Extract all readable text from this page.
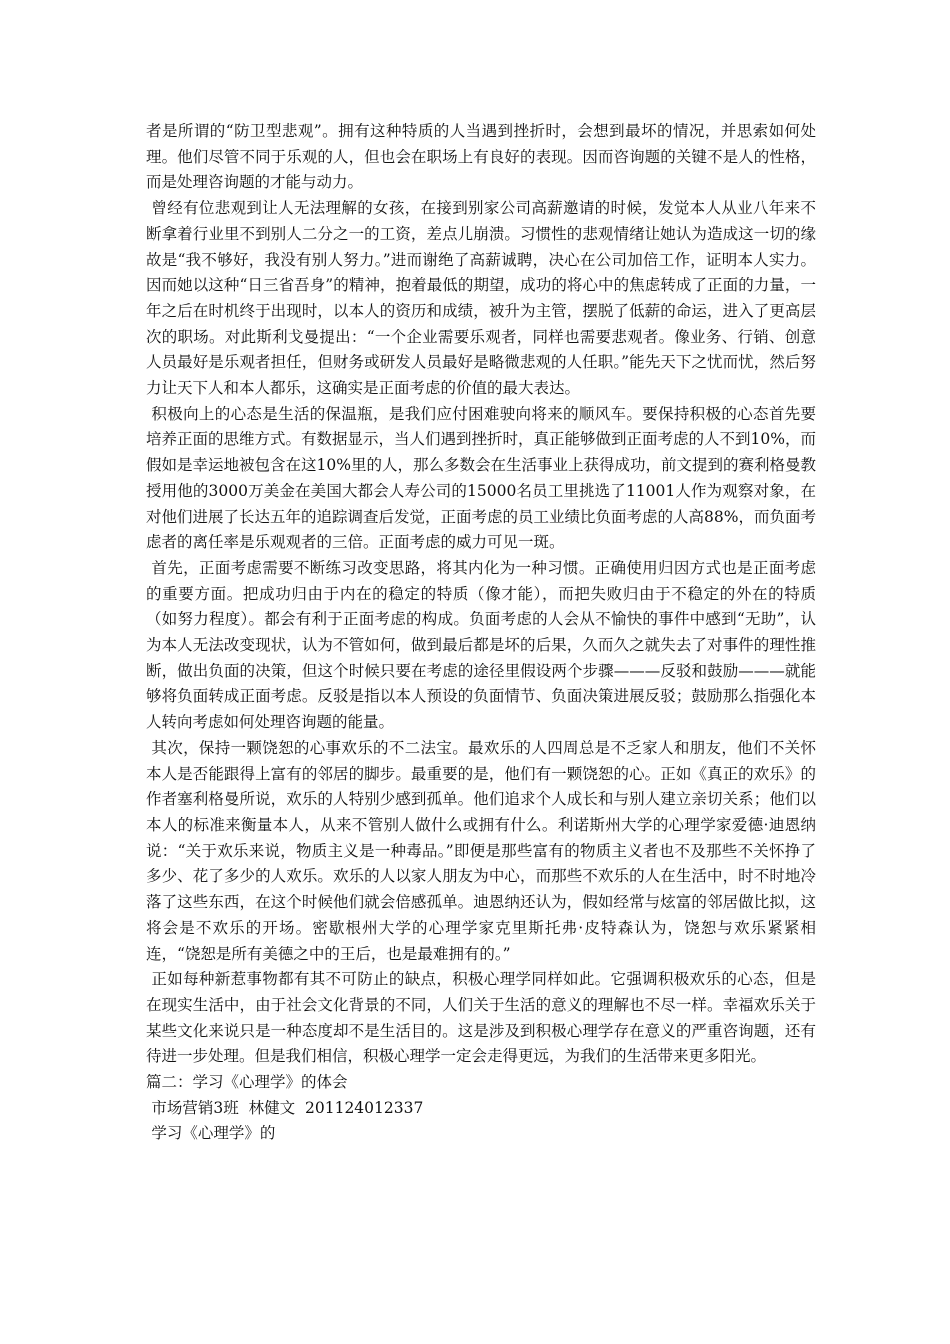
者是所谓的“防卫型悲观”。拥有这种特质的人当遇到挫折时，会想到最坏的情况，并思索如何处理。他们尽管不同于乐观的人，但也会在职场上有良好的表现。因而咨询题的关键不是人的性格，而是处理咨询题的才能与动力。

曾经有位悲观到让人无法理解的女孩，在接到别家公司高薪邀请的时候，发觉本人从业八年来不断拿着行业里不到别人二分之一的工资，差点儿崩溃。习惯性的悲观情绪让她认为造成这一切的缘故是“我不够好，我没有别人努力。”进而谢绝了高薪诚聘，决心在公司加倍工作，证明本人实力。因而她以这种“日三省吾身”的精神，抱着最低的期望，成功的将心中的焦虑转成了正面的力量，一年之后在时机终于出现时，以本人的资历和成绩，被升为主管，摆脱了低薪的命运，进入了更高层次的职场。对此斯利戈曼提出：“一个企业需要乐观者，同样也需要悲观者。像业务、行销、创意人员最好是乐观者担任，但财务或研发人员最好是略微悲观的人任职。”能先天下之忧而忧，然后努力让天下人和本人都乐，这确实是正面考虑的价值的最大表达。

积极向上的心态是生活的保温瓶，是我们应付困难驶向将来的顺风车。要保持积极的心态首先要培养正面的思维方式。有数据显示，当人们遇到挫折时，真正能够做到正面考虑的人不到10%，而假如是幸运地被包含在这10%里的人，那么多数会在生活事业上获得成功，前文提到的赛利格曼教授用他的3000万美金在美国大都会人寿公司的15000名员工里挑选了11001人作为观察对象，在对他们进展了长达五年的追踪调查后发觉，正面考虑的员工业绩比负面考虑的人高88%，而负面考虑者的离任率是乐观观者的三倍。正面考虑的威力可见一斑。

首先，正面考虑需要不断练习改变思路，将其内化为一种习惯。正确使用归因方式也是正面考虑的重要方面。把成功归由于内在的稳定的特质（像才能），而把失败归由于不稳定的外在的特质（如努力程度）。都会有利于正面考虑的构成。负面考虑的人会从不愉快的事件中感到“无助”，认为本人无法改变现状，认为不管如何，做到最后都是坏的后果，久而久之就失去了对事件的理性推断，做出负面的决策，但这个时候只要在考虑的途径里假设两个步骤———反驳和鼓励———就能够将负面转成正面考虑。反驳是指以本人预设的负面情节、负面决策进展反驳；鼓励那么指强化本人转向考虑如何处理咨询题的能量。

其次，保持一颗饶恕的心事欢乐的不二法宝。最欢乐的人四周总是不乏家人和朋友，他们不关怀本人是否能跟得上富有的邻居的脚步。最重要的是，他们有一颗饶恕的心。正如《真正的欢乐》的作者塞利格曼所说，欢乐的人特别少感到孤单。他们追求个人成长和与别人建立亲切关系；他们以本人的标准来衡量本人，从来不管别人做什么或拥有什么。利诺斯州大学的心理学家爱德·迪恩纳说：“关于欢乐来说，物质主义是一种毒品。”即便是那些富有的物质主义者也不及那些不关怀挣了多少、花了多少的人欢乐。欢乐的人以家人朋友为中心，而那些不欢乐的人在生活中，时不时地冷落了这些东西，在这个时候他们就会倍感孤单。迪恩纳还认为，假如经常与炫富的邻居做比拟，这将会是不欢乐的开场。密歇根州大学的心理学家克里斯托弗·皮特森认为，饶恕与欢乐紧紧相连，“饶恕是所有美德之中的王后，也是最难拥有的。”

正如每种新惹事物都有其不可防止的缺点，积极心理学同样如此。它强调积极欢乐的心态，但是在现实生活中，由于社会文化背景的不同，人们关于生活的意义的理解也不尽一样。幸福欢乐关于某些文化来说只是一种态度却不是生活目的。这是涉及到积极心理学存在意义的严重咨询题，还有待进一步处理。但是我们相信，积极心理学一定会走得更远，为我们的生活带来更多阳光。

篇二：学习《心理学》的体会

市场营销3班  林健文  201124012337

学习《心理学》的
